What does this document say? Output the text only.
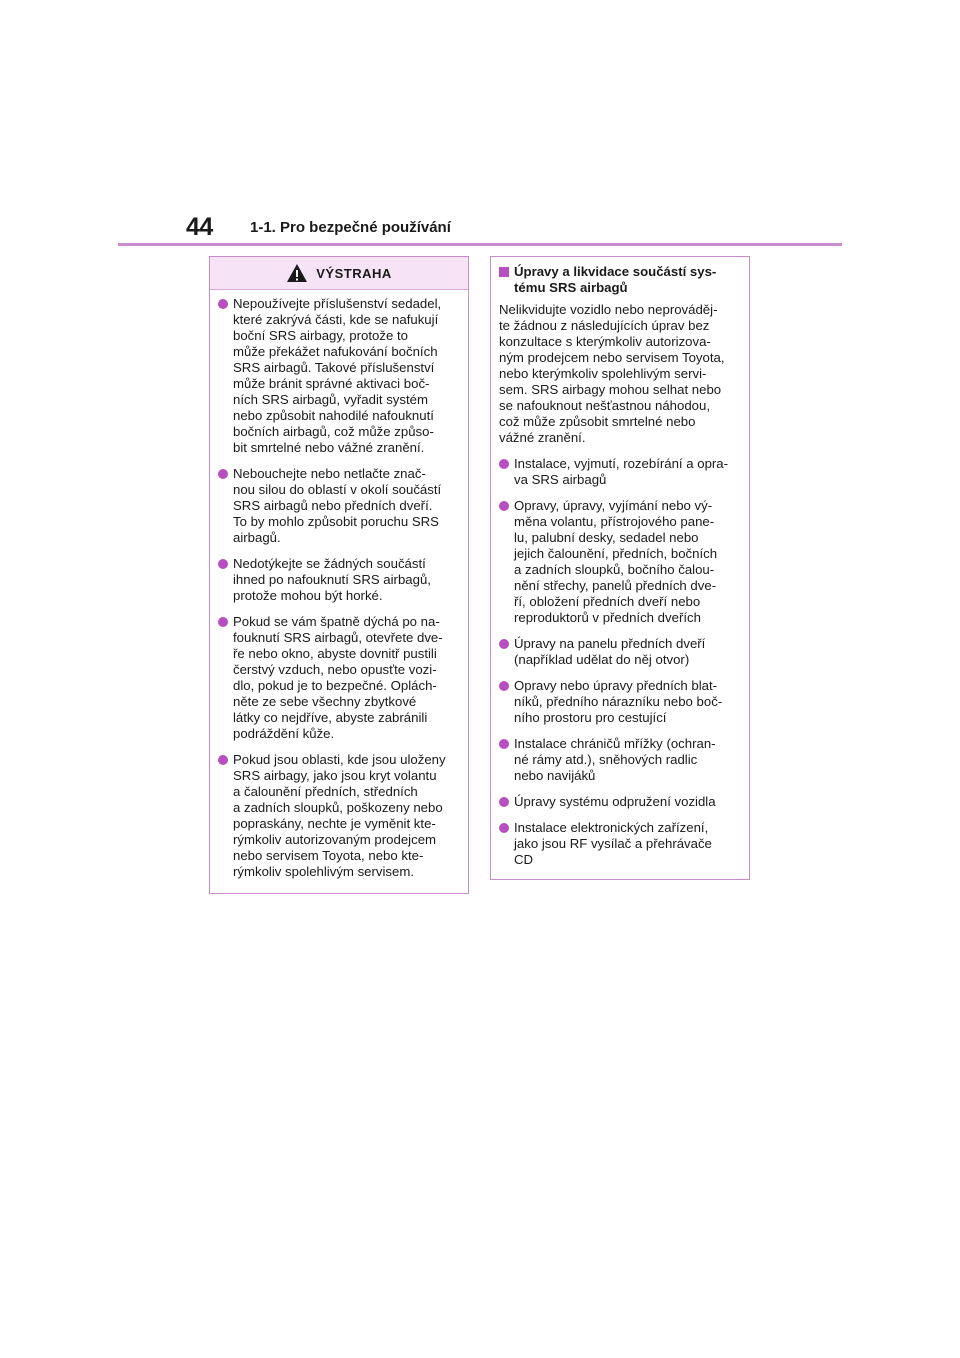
44 1-1. Pro bezpečné používání
VÝSTRAHA
Nepoužívejte příslušenství sedadel,
které zakrývá části, kde se nafukují
boční SRS airbagy, protože to
může překážet nafukování bočních
SRS airbagů. Takové příslušenství
může bránit správné aktivaci boč-
ních SRS airbagů, vyřadit systém
nebo způsobit nahodilé nafouknutí
bočních airbagů, což může způso-
bit smrtelné nebo vážné zranění.
Nebouchejte nebo netlačte znač-
nou silou do oblastí v okolí součástí
SRS airbagů nebo předních dveří.
To by mohlo způsobit poruchu SRS
airbagů.
Nedotýkejte se žádných součástí
ihned po nafouknutí SRS airbagů,
protože mohou být horké.
Pokud se vám špatně dýchá po na-
fouknutí SRS airbagů, otevřete dve-
ře nebo okno, abyste dovnitř pustili
čerstvý vzduch, nebo opusťte vozi-
dlo, pokud je to bezpečné. Oplách-
něte ze sebe všechny zbytkové
látky co nejdříve, abyste zabránili
podráždění kůže.
Pokud jsou oblasti, kde jsou uloženy
SRS airbagy, jako jsou kryt volantu
a čalounění předních, středních
a zadních sloupků, poškozeny nebo
popraskány, nechte je vyměnit kte-
rýmkoliv autorizovaným prodejcem
nebo servisem Toyota, nebo kte-
rýmkoliv spolehlivým servisem.
Úpravy a likvidace součástí sys-
tému SRS airbagů
Nelikvidujte vozidlo nebo neprováděj-
te žádnou z následujících úprav bez
konzultace s kterýmkoliv autorizova-
ným prodejcem nebo servisem Toyota,
nebo kterýmkoliv spolehlivým servi-
sem. SRS airbagy mohou selhat nebo
se nafouknout nešťastnou náhodou,
což může způsobit smrtelné nebo
vážné zranění.
Instalace, vyjmutí, rozebírání a opra-
va SRS airbagů
Opravy, úpravy, vyjímání nebo vý-
měna volantu, přístrojového pane-
lu, palubní desky, sedadel nebo
jejich čalounění, předních, bočních
a zadních sloupků, bočního čalou-
nění střechy, panelů předních dve-
ří, obložení předních dveří nebo
reproduktorů v předních dveřích
Úpravy na panelu předních dveří
(například udělat do něj otvor)
Opravy nebo úpravy předních blat-
níků, předního nárazníku nebo boč-
ního prostoru pro cestující
Instalace chráničů mřížky (ochran-
né rámy atd.), sněhových radlic
nebo navijáků
Úpravy systému odpružení vozidla
Instalace elektronických zařízení,
jako jsou RF vysílač a přehrávače
CD
